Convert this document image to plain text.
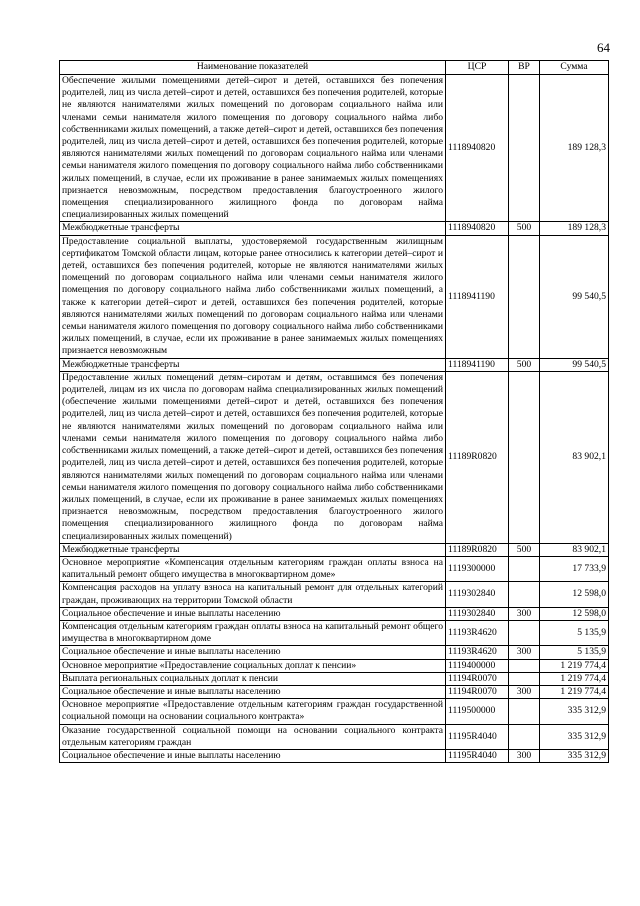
64
Наименование показателей	ЦСР	ВР	Сумма
Обеспечение жилыми помещениями детей–сирот и детей, оставшихся без попечения родителей, лиц из числа детей–сирот и детей, оставшихся без попечения родителей, которые не являются нанимателями жилых помещений по договорам социального найма или членами семьи нанимателя жилого помещения по договору социального найма либо собственниками жилых помещений, а также детей–сирот и детей, оставшихся без попечения родителей, лиц из числа детей–сирот и детей, оставшихся без попечения родителей, которые являются нанимателями жилых помещений по договорам социального найма или членами семьи нанимателя жилого помещения по договору социального найма либо собственниками жилых помещений, в случае, если их проживание в ранее занимаемых жилых помещениях признается невозможным, посредством предоставления благоустроенного жилого помещения специализированного жилищного фонда по договорам найма специализированных жилых помещений	1118940820		189 128,3
Межбюджетные трансферты	1118940820	500	189 128,3
Предоставление социальной выплаты, удостоверяемой государственным жилищным сертификатом Томской области лицам, которые ранее относились к категории детей–сирот и детей, оставшихся без попечения родителей, которые не являются нанимателями жилых помещений по договорам социального найма или членами семьи нанимателя жилого помещения по договору социального найма либо собственниками жилых помещений, а также к категории детей–сирот и детей, оставшихся без попечения родителей, которые являются нанимателями жилых помещений по договорам социального найма или членами семьи нанимателя жилого помещения по договору социального найма либо собственниками жилых помещений, в случае, если их проживание в ранее занимаемых жилых помещениях признается невозможным	1118941190		99 540,5
Межбюджетные трансферты	1118941190	500	99 540,5
Предоставление жилых помещений детям–сиротам и детям, оставшимся без попечения родителей, лицам из их числа по договорам найма специализированных жилых помещений (обеспечение жилыми помещениями детей–сирот и детей, оставшихся без попечения родителей, лиц из числа детей–сирот и детей, оставшихся без попечения родителей, которые не являются нанимателями жилых помещений по договорам социального найма или членами семьи нанимателя жилого помещения по договору социального найма либо собственниками жилых помещений, а также детей–сирот и детей, оставшихся без попечения родителей, лиц из числа детей–сирот и детей, оставшихся без попечения родителей, которые являются нанимателями жилых помещений по договорам социального найма или членами семьи нанимателя жилого помещения по договору социального найма либо собственниками жилых помещений, в случае, если их проживание в ранее занимаемых жилых помещениях признается невозможным, посредством предоставления благоустроенного жилого помещения специализированного жилищного фонда по договорам найма специализированных жилых помещений)	11189R0820		83 902,1
Межбюджетные трансферты	11189R0820	500	83 902,1
Основное мероприятие «Компенсация отдельным категориям граждан оплаты взноса на капитальный ремонт общего имущества в многоквартирном доме»	1119300000		17 733,9
Компенсация расходов на уплату взноса на капитальный ремонт для отдельных категорий граждан, проживающих на территории Томской области	1119302840		12 598,0
Социальное обеспечение и иные выплаты населению	1119302840	300	12 598,0
Компенсация отдельным категориям граждан оплаты взноса на капитальный ремонт общего имущества в многоквартирном доме	11193R4620		5 135,9
Социальное обеспечение и иные выплаты населению	11193R4620	300	5 135,9
Основное мероприятие «Предоставление социальных доплат к пенсии»	1119400000		1 219 774,4
Выплата региональных социальных доплат к пенсии	11194R0070		1 219 774,4
Социальное обеспечение и иные выплаты населению	11194R0070	300	1 219 774,4
Основное мероприятие «Предоставление отдельным категориям граждан государственной социальной помощи на основании социального контракта»	1119500000		335 312,9
Оказание государственной социальной помощи на основании социального контракта отдельным категориям граждан	11195R4040		335 312,9
Социальное обеспечение и иные выплаты населению	11195R4040	300	335 312,9
